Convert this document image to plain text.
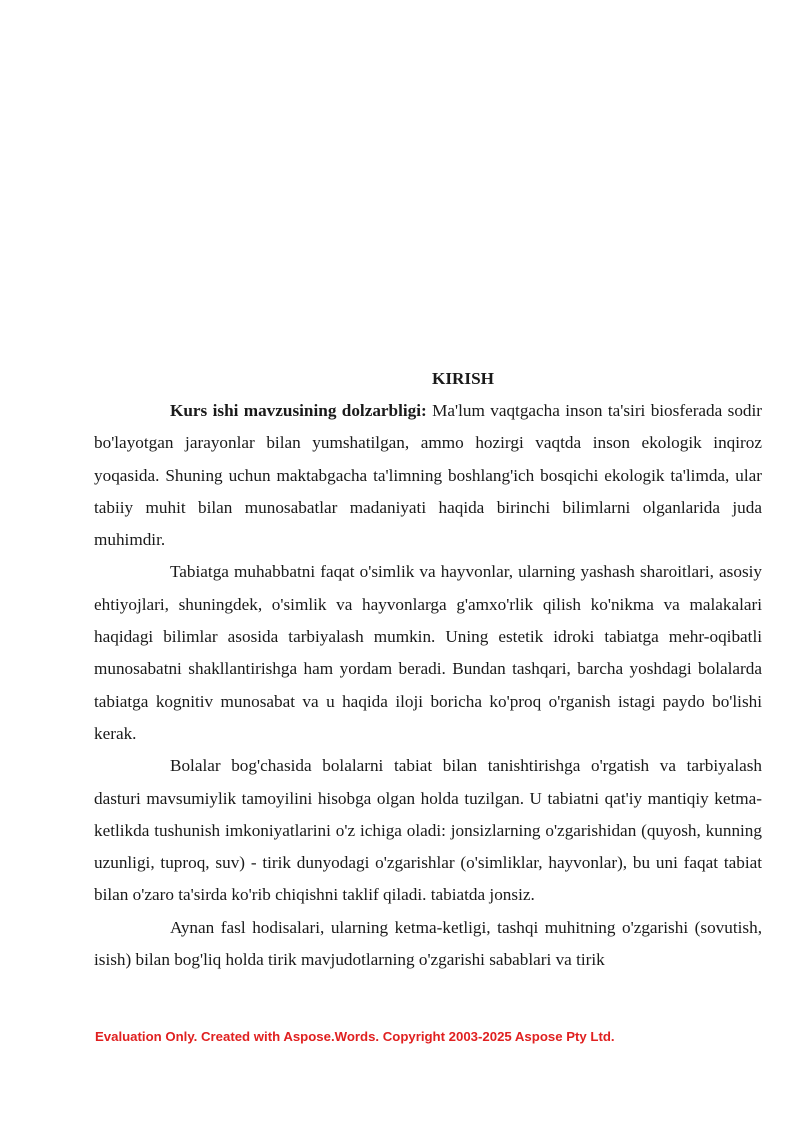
KIRISH

Kurs ishi mavzusining dolzarbligi: Ma'lum vaqtgacha inson ta'siri biosferada sodir bo'layotgan jarayonlar bilan yumshatilgan, ammo hozirgi vaqtda inson ekologik inqiroz yoqasida. Shuning uchun maktabgacha ta'limning boshlang'ich bosqichi ekologik ta'limda, ular tabiiy muhit bilan munosabatlar madaniyati haqida birinchi bilimlarni olganlarida juda muhimdir.

Tabiatga muhabbatni faqat o'simlik va hayvonlar, ularning yashash sharoitlari, asosiy ehtiyojlari, shuningdek, o'simlik va hayvonlarga g'amxo'rlik qilish ko'nikma va malakalari haqidagi bilimlar asosida tarbiyalash mumkin. Uning estetik idroki tabiatga mehr-oqibatli munosabatni shakllantirishga ham yordam beradi. Bundan tashqari, barcha yoshdagi bolalarda tabiatga kognitiv munosabat va u haqida iloji boricha ko'proq o'rganish istagi paydo bo'lishi kerak.

Bolalar bog'chasida bolalarni tabiat bilan tanishtirishga o'rgatish va tarbiyalash dasturi mavsumiylik tamoyilini hisobga olgan holda tuzilgan. U tabiatni qat'iy mantiqiy ketma-ketlikda tushunish imkoniyatlarini o'z ichiga oladi: jonsizlarning o'zgarishidan (quyosh, kunning uzunligi, tuproq, suv) - tirik dunyodagi o'zgarishlar (o'simliklar, hayvonlar), bu uni faqat tabiat bilan o'zaro ta'sirda ko'rib chiqishni taklif qiladi. tabiatda jonsiz.

Aynan fasl hodisalari, ularning ketma-ketligi, tashqi muhitning o'zgarishi (sovutish, isish) bilan bog'liq holda tirik mavjudotlarning o'zgarishi sabablari va tirik

Evaluation Only. Created with Aspose.Words. Copyright 2003-2025 Aspose Pty Ltd.
